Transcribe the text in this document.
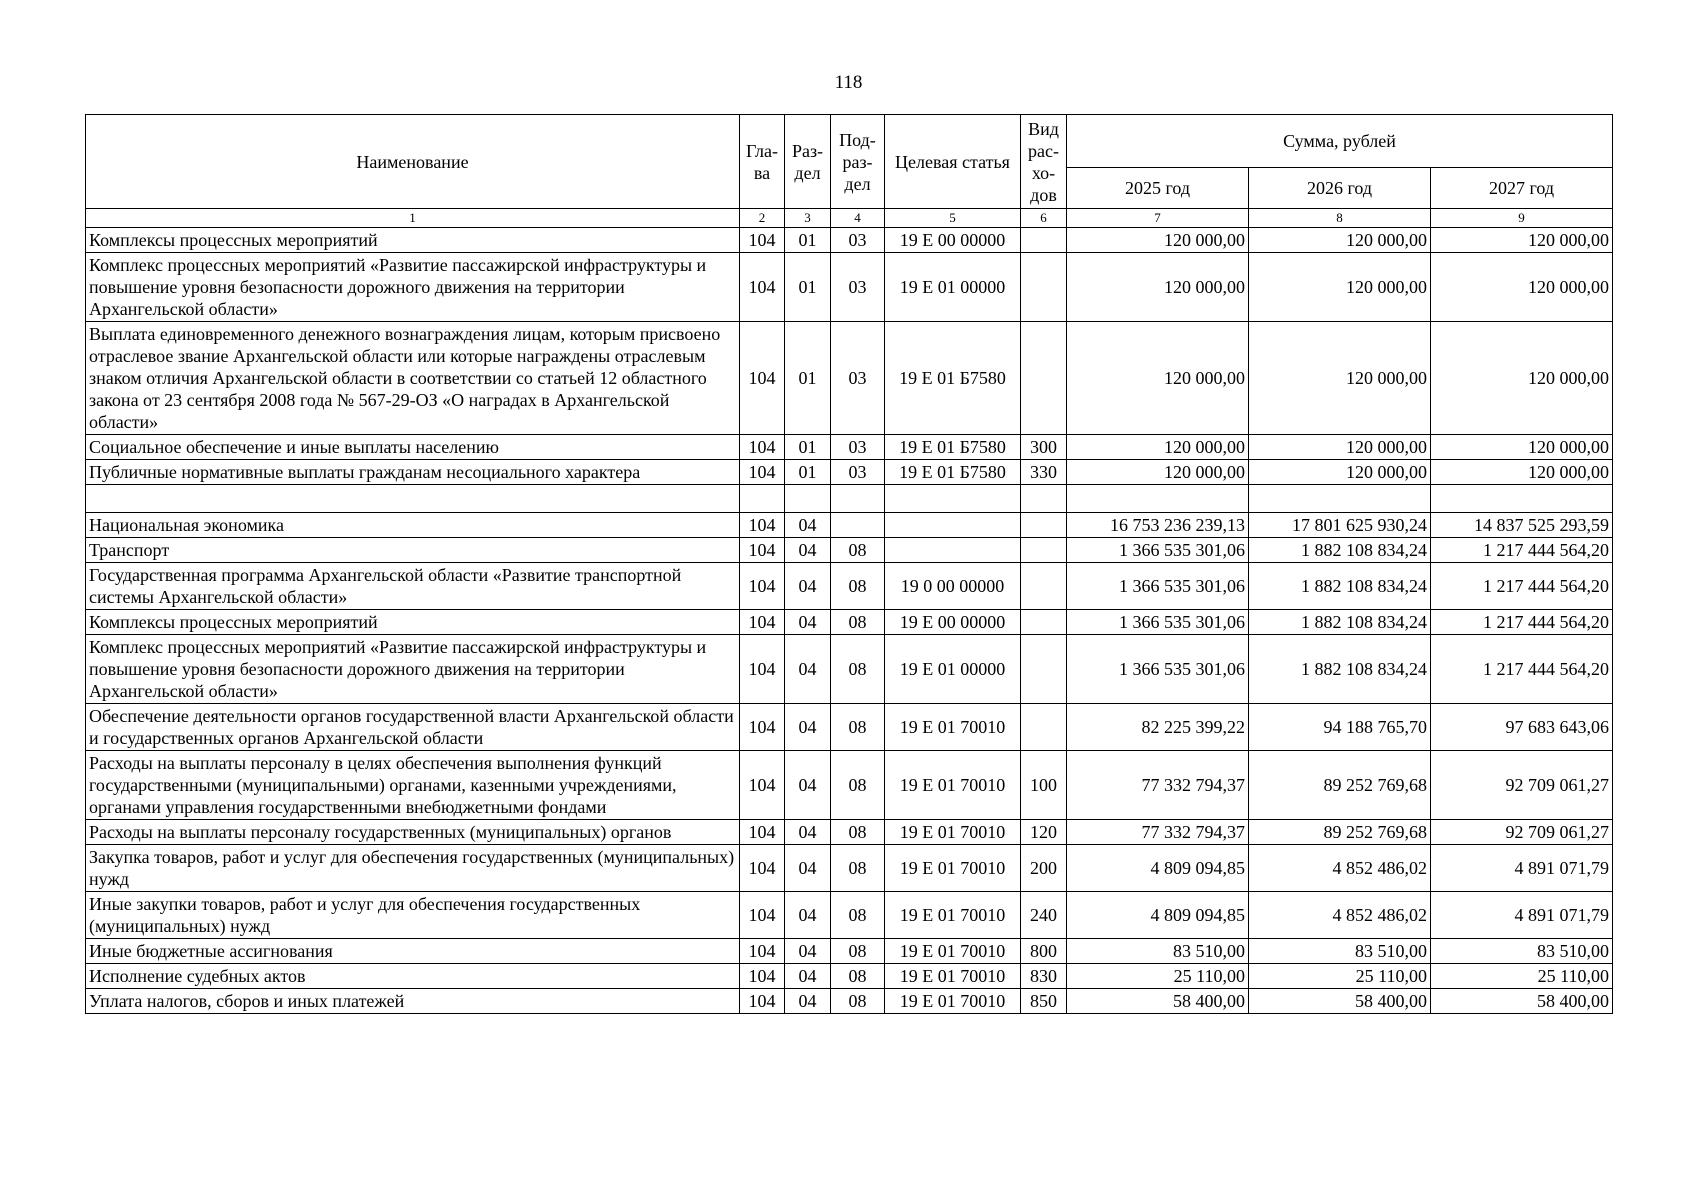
118
Наименование	Гла- ва	Раз- дел	Под- раз- дел	Целевая статья	Вид рас- хо- дов	Сумма, рублей		
						2025 год	2026 год	2027 год
1	2	3	4	5	6	7	8	9
Комплексы процессных мероприятий	104	01	03	19 Е 00 00000		120 000,00	120 000,00	120 000,00
Комплекс процессных мероприятий «Развитие пассажирской инфраструктуры и повышение уровня безопасности дорожного движения на территории Архангельской области»	104	01	03	19 Е 01 00000		120 000,00	120 000,00	120 000,00
Выплата единовременного денежного вознаграждения лицам, которым присвоено отраслевое звание Архангельской области или которые награждены отраслевым знаком отличия Архангельской области в соответствии со статьей 12 областного закона от 23 сентября 2008 года № 567-29-ОЗ «О наградах в Архангельской области»	104	01	03	19 Е 01 Б7580		120 000,00	120 000,00	120 000,00
Социальное обеспечение и иные выплаты населению	104	01	03	19 Е 01 Б7580	300	120 000,00	120 000,00	120 000,00
Публичные нормативные выплаты гражданам несоциального характера	104	01	03	19 Е 01 Б7580	330	120 000,00	120 000,00	120 000,00

Национальная экономика	104	04				16 753 236 239,13	17 801 625 930,24	14 837 525 293,59
Транспорт	104	04	08			1 366 535 301,06	1 882 108 834,24	1 217 444 564,20
Государственная программа Архангельской области «Развитие транспортной системы Архангельской области»	104	04	08	19 0 00 00000		1 366 535 301,06	1 882 108 834,24	1 217 444 564,20
Комплексы процессных мероприятий	104	04	08	19 Е 00 00000		1 366 535 301,06	1 882 108 834,24	1 217 444 564,20
Комплекс процессных мероприятий «Развитие пассажирской инфраструктуры и повышение уровня безопасности дорожного движения на территории Архангельской области»	104	04	08	19 Е 01 00000		1 366 535 301,06	1 882 108 834,24	1 217 444 564,20
Обеспечение деятельности органов государственной власти Архангельской области и государственных органов Архангельской области	104	04	08	19 Е 01 70010		82 225 399,22	94 188 765,70	97 683 643,06
Расходы на выплаты персоналу в целях обеспечения выполнения функций государственными (муниципальными) органами, казенными учреждениями, органами управления государственными внебюджетными фондами	104	04	08	19 Е 01 70010	100	77 332 794,37	89 252 769,68	92 709 061,27
Расходы на выплаты персоналу государственных (муниципальных) органов	104	04	08	19 Е 01 70010	120	77 332 794,37	89 252 769,68	92 709 061,27
Закупка товаров, работ и услуг для обеспечения государственных (муниципальных) нужд	104	04	08	19 Е 01 70010	200	4 809 094,85	4 852 486,02	4 891 071,79
Иные закупки товаров, работ и услуг для обеспечения государственных (муниципальных) нужд	104	04	08	19 Е 01 70010	240	4 809 094,85	4 852 486,02	4 891 071,79
Иные бюджетные ассигнования	104	04	08	19 Е 01 70010	800	83 510,00	83 510,00	83 510,00
Исполнение судебных актов	104	04	08	19 Е 01 70010	830	25 110,00	25 110,00	25 110,00
Уплата налогов, сборов и иных платежей	104	04	08	19 Е 01 70010	850	58 400,00	58 400,00	58 400,00
